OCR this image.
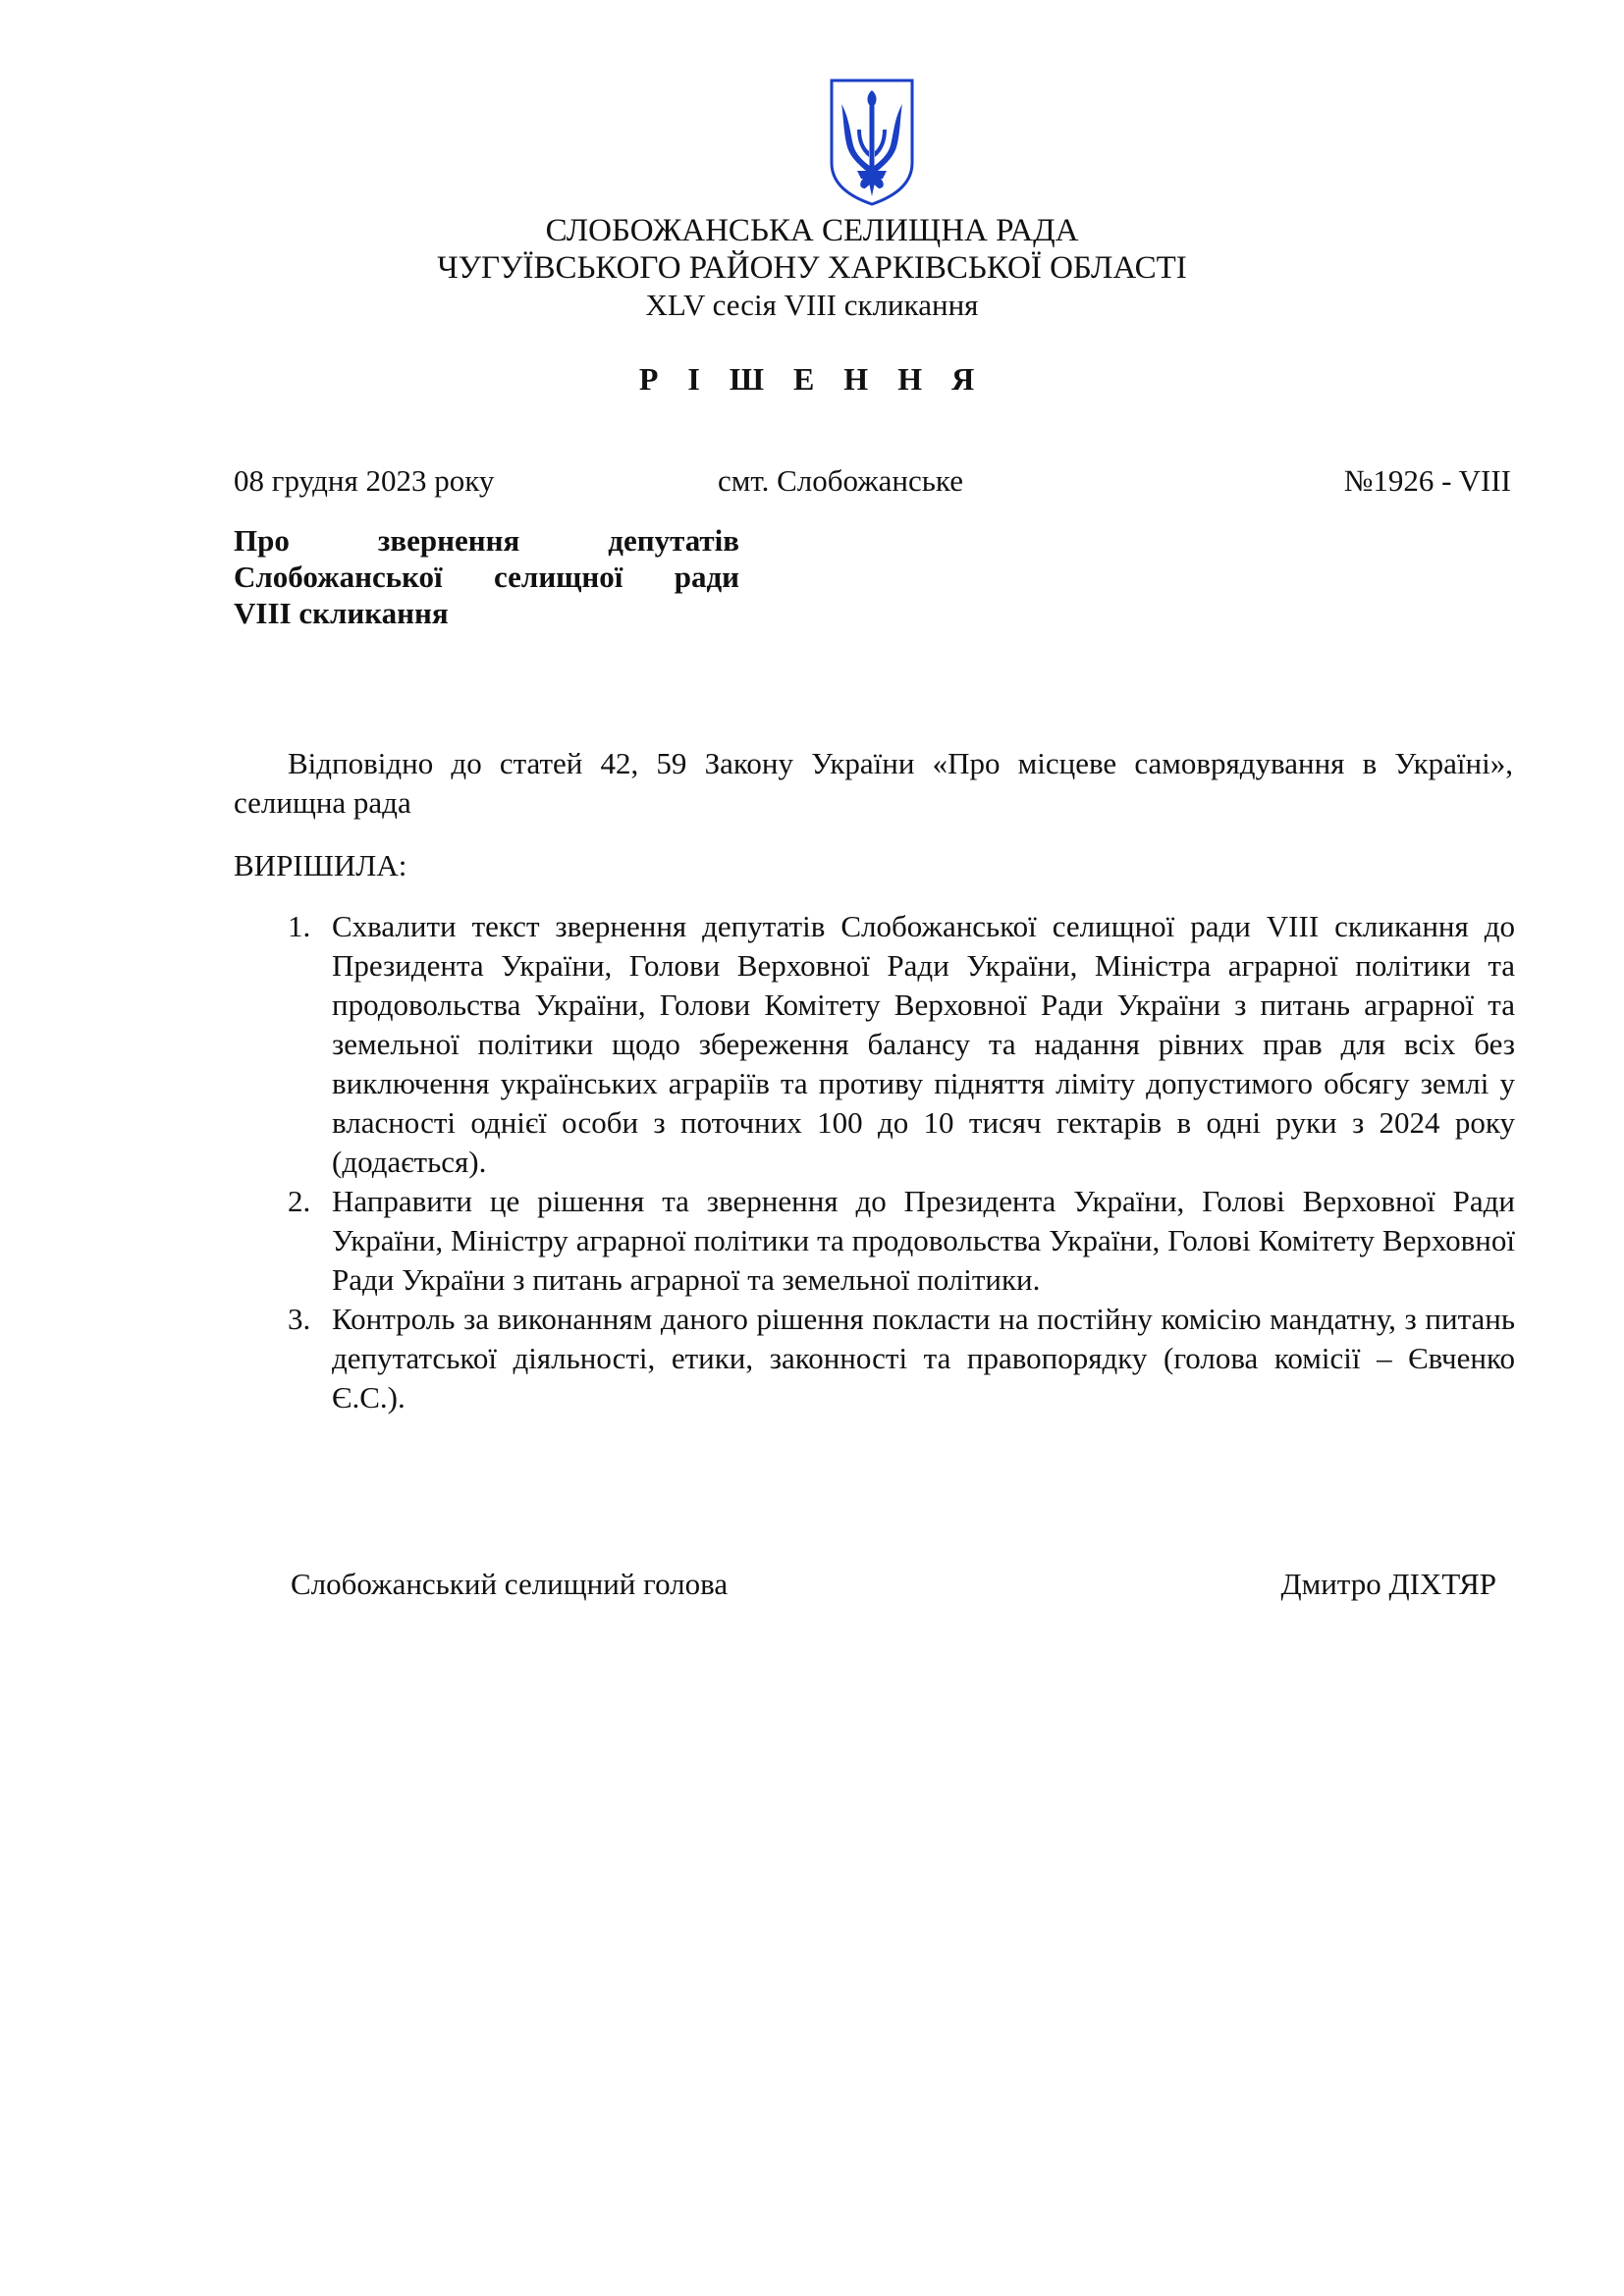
СЛОБОЖАНСЬКА СЕЛИЩНА РАДА
ЧУГУЇВСЬКОГО РАЙОНУ ХАРКІВСЬКОЇ ОБЛАСТІ
XLV сесія VIII скликання
Р І Ш Е Н Н Я
08 грудня 2023 року	смт. Слобожанське	№1926 - VIII
Про звернення депутатів
Слобожанської селищної ради
VIII скликання
Відповідно до статей 42, 59 Закону України «Про місцеве самоврядування в Україні», селищна рада
ВИРІШИЛА:
1. Схвалити текст звернення депутатів Слобожанської селищної ради VIII скликання до Президента України, Голови Верховної Ради України, Міністра аграрної політики та продовольства України, Голови Комітету Верховної Ради України з питань аграрної та земельної політики щодо збереження балансу та надання рівних прав для всіх без виключення українських аграріїв та противу підняття ліміту допустимого обсягу землі у власності однієї особи з поточних 100 до 10 тисяч гектарів в одні руки з 2024 року (додається).
2. Направити це рішення та звернення до Президента України, Голові Верховної Ради України, Міністру аграрної політики та продовольства України, Голові Комітету Верховної Ради України з питань аграрної та земельної політики.
3. Контроль за виконанням даного рішення покласти на постійну комісію мандатну, з питань депутатської діяльності, етики, законності та правопорядку (голова комісії – Євченко Є.С.).
Слобожанський селищний голова	Дмитро ДІХТЯР
